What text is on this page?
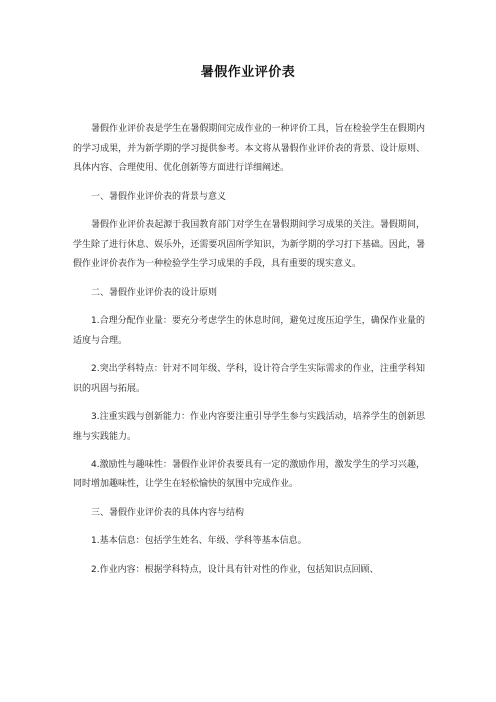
暑假作业评价表

暑假作业评价表是学生在暑假期间完成作业的一种评价工具，旨在检验学生在假期内的学习成果，并为新学期的学习提供参考。本文将从暑假作业评价表的背景、设计原则、具体内容、合理使用、优化创新等方面进行详细阐述。

一、暑假作业评价表的背景与意义

暑假作业评价表起源于我国教育部门对学生在暑假期间学习成果的关注。暑假期间，学生除了进行休息、娱乐外，还需要巩固所学知识，为新学期的学习打下基础。因此，暑假作业评价表作为一种检验学生学习成果的手段，具有重要的现实意义。

二、暑假作业评价表的设计原则

1.合理分配作业量：要充分考虑学生的休息时间，避免过度压迫学生，确保作业量的适度与合理。

2.突出学科特点：针对不同年级、学科，设计符合学生实际需求的作业，注重学科知识的巩固与拓展。

3.注重实践与创新能力：作业内容要注重引导学生参与实践活动，培养学生的创新思维与实践能力。

4.激励性与趣味性：暑假作业评价表要具有一定的激励作用，激发学生的学习兴趣，同时增加趣味性，让学生在轻松愉快的氛围中完成作业。

三、暑假作业评价表的具体内容与结构

1.基本信息：包括学生姓名、年级、学科等基本信息。

2.作业内容：根据学科特点，设计具有针对性的作业，包括知识点回顾、
